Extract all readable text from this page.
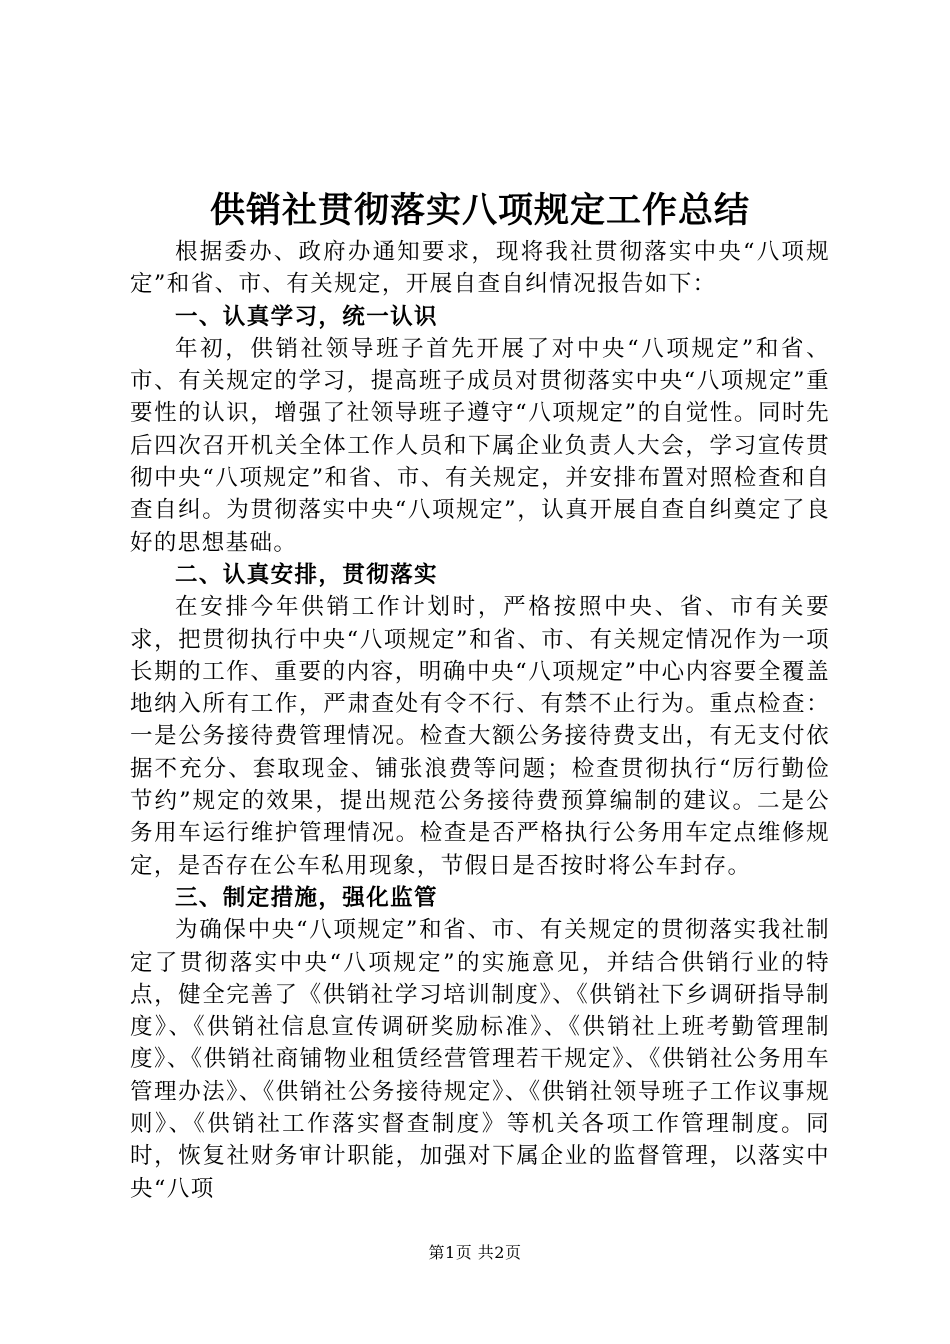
供销社贯彻落实八项规定工作总结

根据委办、政府办通知要求，现将我社贯彻落实中央“八项规定”和省、市、有关规定，开展自查自纠情况报告如下：

一、认真学习，统一认识

年初，供销社领导班子首先开展了对中央“八项规定”和省、市、有关规定的学习，提高班子成员对贯彻落实中央“八项规定”重要性的认识，增强了社领导班子遵守“八项规定”的自觉性。同时先后四次召开机关全体工作人员和下属企业负责人大会，学习宣传贯彻中央“八项规定”和省、市、有关规定，并安排布置对照检查和自查自纠。为贯彻落实中央“八项规定”，认真开展自查自纠奠定了良好的思想基础。

二、认真安排，贯彻落实

在安排今年供销工作计划时，严格按照中央、省、市有关要求，把贯彻执行中央“八项规定”和省、市、有关规定情况作为一项长期的工作、重要的内容，明确中央“八项规定”中心内容要全覆盖地纳入所有工作，严肃查处有令不行、有禁不止行为。重点检查：一是公务接待费管理情况。检查大额公务接待费支出，有无支付依据不充分、套取现金、铺张浪费等问题；检查贯彻执行“厉行勤俭节约”规定的效果，提出规范公务接待费预算编制的建议。二是公务用车运行维护管理情况。检查是否严格执行公务用车定点维修规定，是否存在公车私用现象，节假日是否按时将公车封存。

三、制定措施，强化监管

为确保中央“八项规定”和省、市、有关规定的贯彻落实我社制定了贯彻落实中央“八项规定”的实施意见，并结合供销行业的特点，健全完善了《供销社学习培训制度》、《供销社下乡调研指导制度》、《供销社信息宣传调研奖励标准》、《供销社上班考勤管理制度》、《供销社商铺物业租赁经营管理若干规定》、《供销社公务用车管理办法》、《供销社公务接待规定》、《供销社领导班子工作议事规则》、《供销社工作落实督查制度》等机关各项工作管理制度。同时，恢复社财务审计职能，加强对下属企业的监督管理，以落实中央“八项

第1页 共2页
